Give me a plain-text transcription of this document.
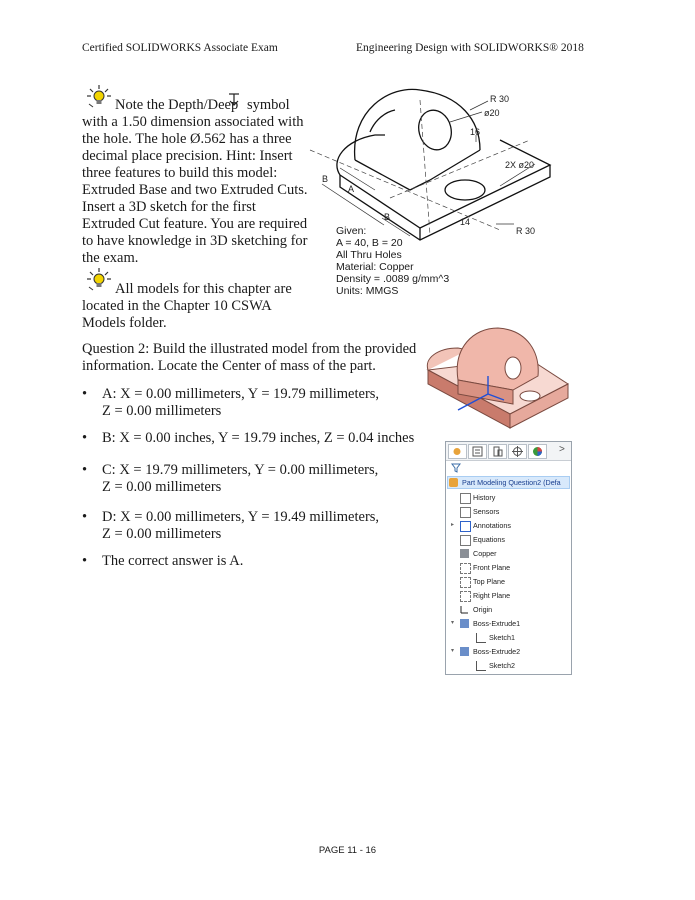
Certified SOLIDWORKS Associate Exam	Engineering Design with SOLIDWORKS® 2018
Note the Depth/Deep symbol
with a 1.50 dimension associated with
the hole. The hole Ø.562 has a three
decimal place precision. Hint: Insert
three features to build this model:
Extruded Base and two Extruded Cuts.
Insert a 3D sketch for the first
Extruded Cut feature. You are required
to have knowledge in 3D sketching for
the exam.
All models for this chapter are
located in the Chapter 10 CSWA
Models folder.
R 30
ø20
16
2X ø20
B
A
B	14
R 30
Given:
A = 40, B = 20
All Thru Holes
Material: Copper
Density = .0089 g/mm^3
Units: MMGS
Question 2: Build the illustrated model from the provided
information. Locate the Center of mass of the part.
• A: X = 0.00 millimeters, Y = 19.79 millimeters,
Z = 0.00 millimeters
• B: X = 0.00 inches, Y = 19.79 inches, Z = 0.04 inches
• C: X = 19.79 millimeters, Y = 0.00 millimeters,
Z = 0.00 millimeters
• D: X = 0.00 millimeters, Y = 19.49 millimeters,
Z = 0.00 millimeters
• The correct answer is A.
>
Part Modeling Question2 (Defa
History
Sensors
▸	Annotations
Equations
Copper
Front Plane
Top Plane
Right Plane
Origin
▾	Boss-Extrude1
Sketch1
▾	Boss-Extrude2
Sketch2
PAGE 11 - 16
